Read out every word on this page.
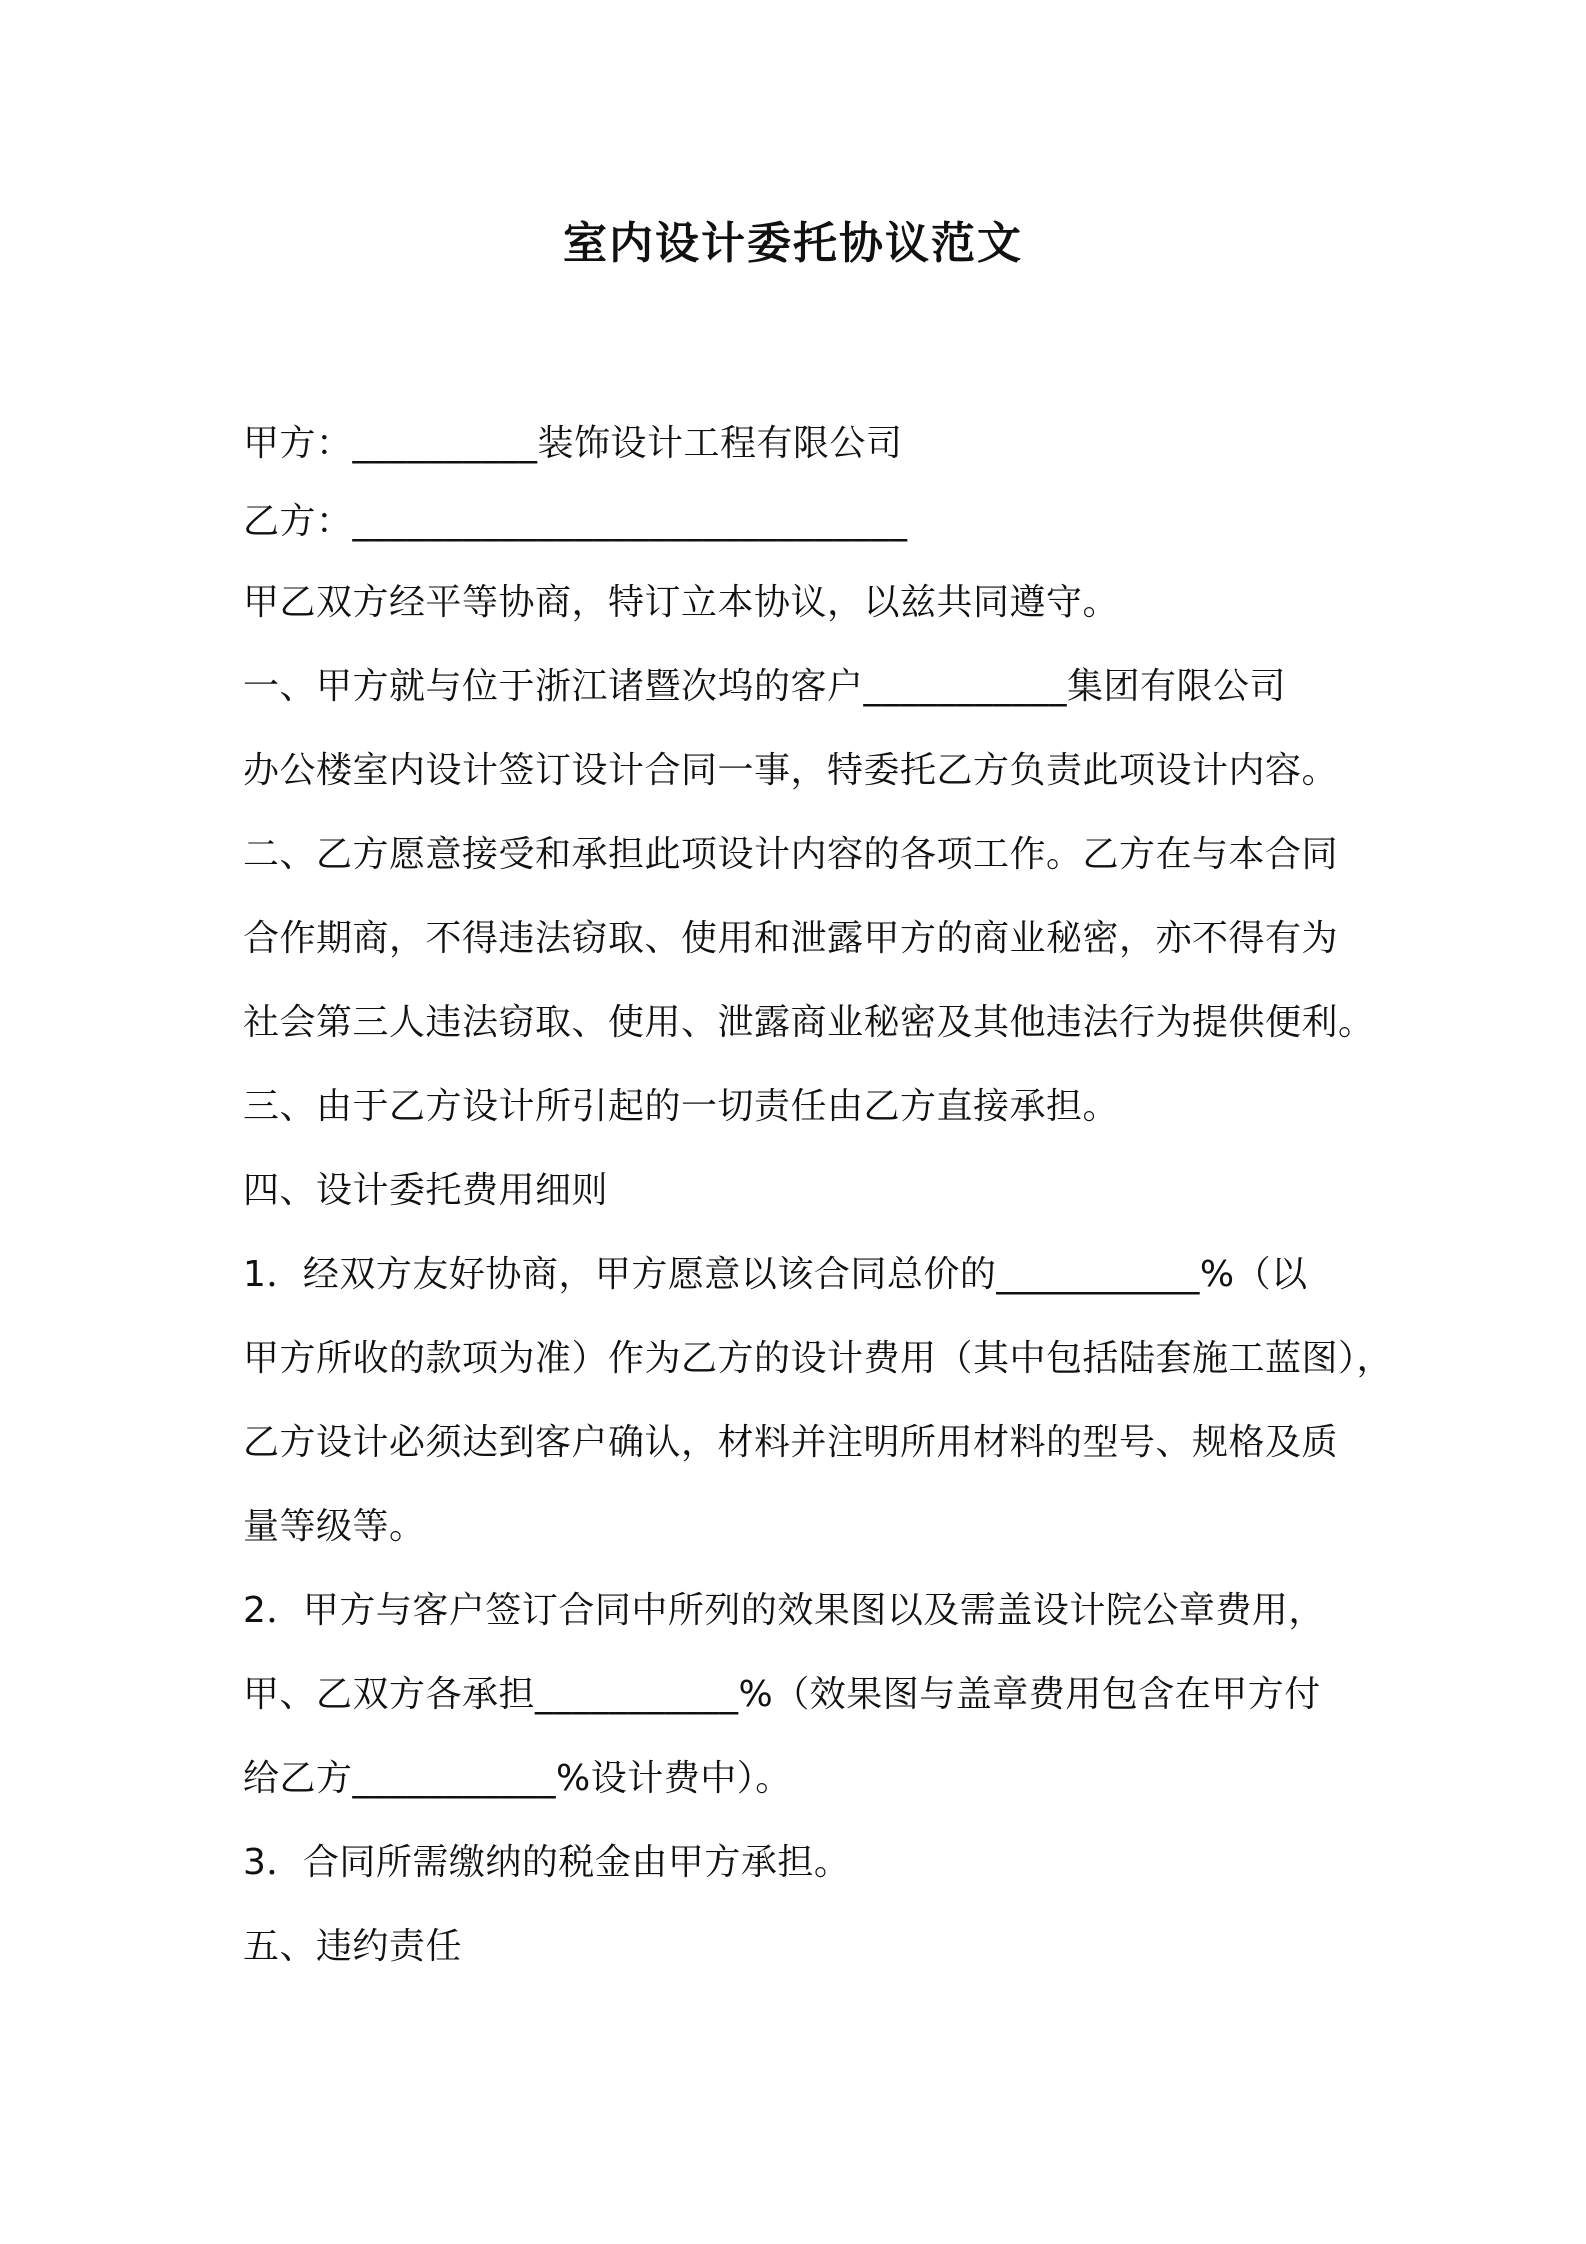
室内设计委托协议范文
甲方：__________装饰设计工程有限公司
乙方：______________________________
甲乙双方经平等协商，特订立本协议，以兹共同遵守。
一、甲方就与位于浙江诸暨次坞的客户___________集团有限公司
办公楼室内设计签订设计合同一事，特委托乙方负责此项设计内容。
二、乙方愿意接受和承担此项设计内容的各项工作。乙方在与本合同
合作期商，不得违法窃取、使用和泄露甲方的商业秘密，亦不得有为
社会第三人违法窃取、使用、泄露商业秘密及其他违法行为提供便利。
三、由于乙方设计所引起的一切责任由乙方直接承担。
四、设计委托费用细则
1．经双方友好协商，甲方愿意以该合同总价的___________%（以
甲方所收的款项为准）作为乙方的设计费用（其中包括陆套施工蓝图），
乙方设计必须达到客户确认，材料并注明所用材料的型号、规格及质
量等级等。
2．甲方与客户签订合同中所列的效果图以及需盖设计院公章费用，
甲、乙双方各承担___________%（效果图与盖章费用包含在甲方付
给乙方___________%设计费中）。
3．合同所需缴纳的税金由甲方承担。
五、违约责任
